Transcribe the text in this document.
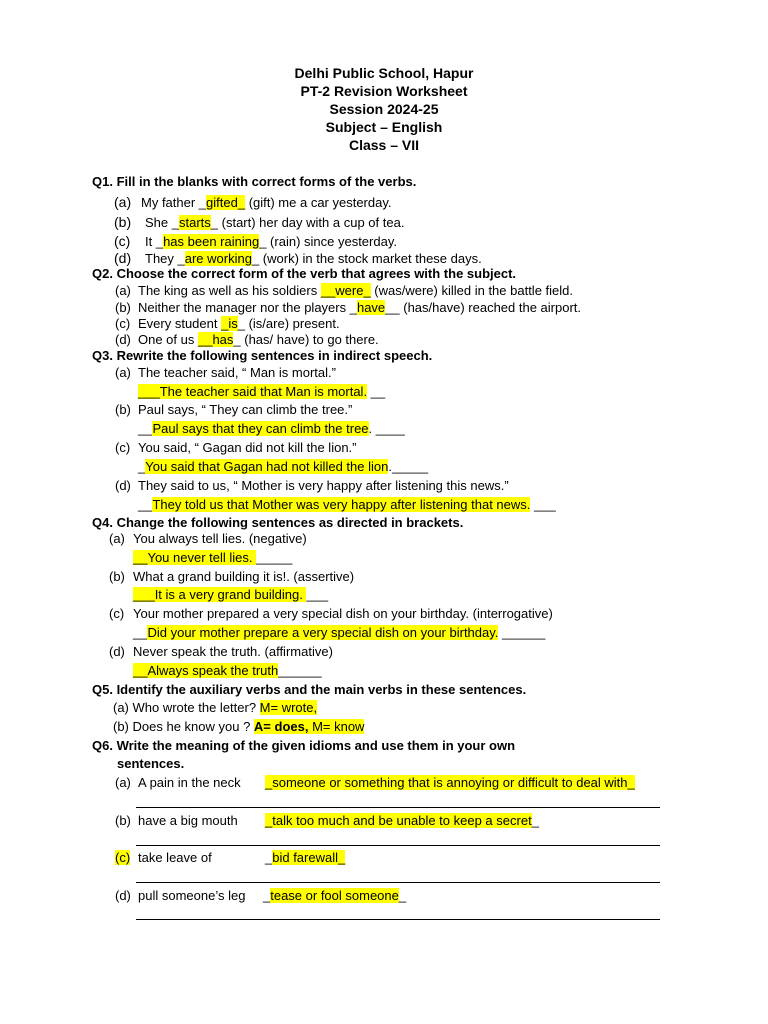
Delhi Public School, Hapur
PT-2 Revision Worksheet
Session 2024-25
Subject – English
Class – VII
Q1. Fill in the blanks with correct forms of the verbs.
(a) My father _gifted_ (gift) me a car yesterday.
(b) She _starts_ (start) her day with a cup of tea.
(c) It _has been raining_ (rain) since yesterday.
(d) They _are working_ (work) in the stock market these days.
Q2. Choose the correct form of the verb that agrees with the subject.
(a) The king as well as his soldiers __were_ (was/were) killed in the battle field.
(b) Neither the manager nor the players _have__ (has/have) reached the airport.
(c) Every student _is_ (is/are) present.
(d) One of us __has_ (has/ have) to go there.
Q3. Rewrite the following sentences in indirect speech.
(a) The teacher said, “ Man is mortal.”
___The teacher said that Man is mortal. __
(b) Paul says, “ They can climb the tree.”
__Paul says that they can climb the tree. ____
(c) You said, “ Gagan did not kill the lion.”
_You said that Gagan had not killed the lion._____
(d) They said to us, “ Mother is very happy after listening this news.”
__They told us that Mother was very happy after listening that news. ___
Q4. Change the following sentences as directed in brackets.
(a) You always tell lies. (negative)
__You never tell lies. _____
(b) What a grand building it is!. (assertive)
___It is a very grand building. ___
(c) Your mother prepared a very special dish on your birthday. (interrogative)
__Did your mother prepare a very special dish on your birthday. ______
(d) Never speak the truth. (affirmative)
__Always speak the truth______
Q5. Identify the auxiliary verbs and the main verbs in these sentences.
(a) Who wrote the letter? M= wrote,
(b) Does he know you ? A= does, M= know
Q6. Write the meaning of the given idioms and use them in your own
sentences.
(a) A pain in the neck _someone or something that is annoying or difficult to deal with_
(b) have a big mouth _talk too much and be unable to keep a secret_
(c) take leave of	_bid farewall_
(d) pull someone’s leg _tease or fool someone_
